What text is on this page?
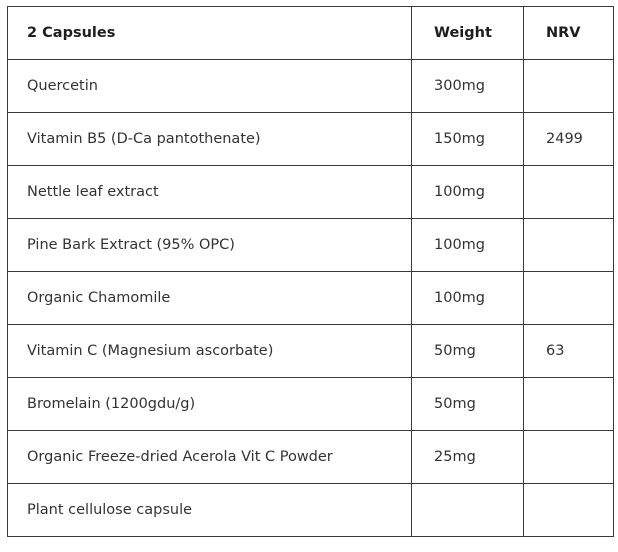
2 Capsules	Weight	NRV
Quercetin	300mg	
Vitamin B5 (D-Ca pantothenate)	150mg	2499
Nettle leaf extract	100mg	
Pine Bark Extract (95% OPC)	100mg	
Organic Chamomile	100mg	
Vitamin C (Magnesium ascorbate)	50mg	63
Bromelain (1200gdu/g)	50mg	
Organic Freeze-dried Acerola Vit C Powder	25mg	
Plant cellulose capsule		
